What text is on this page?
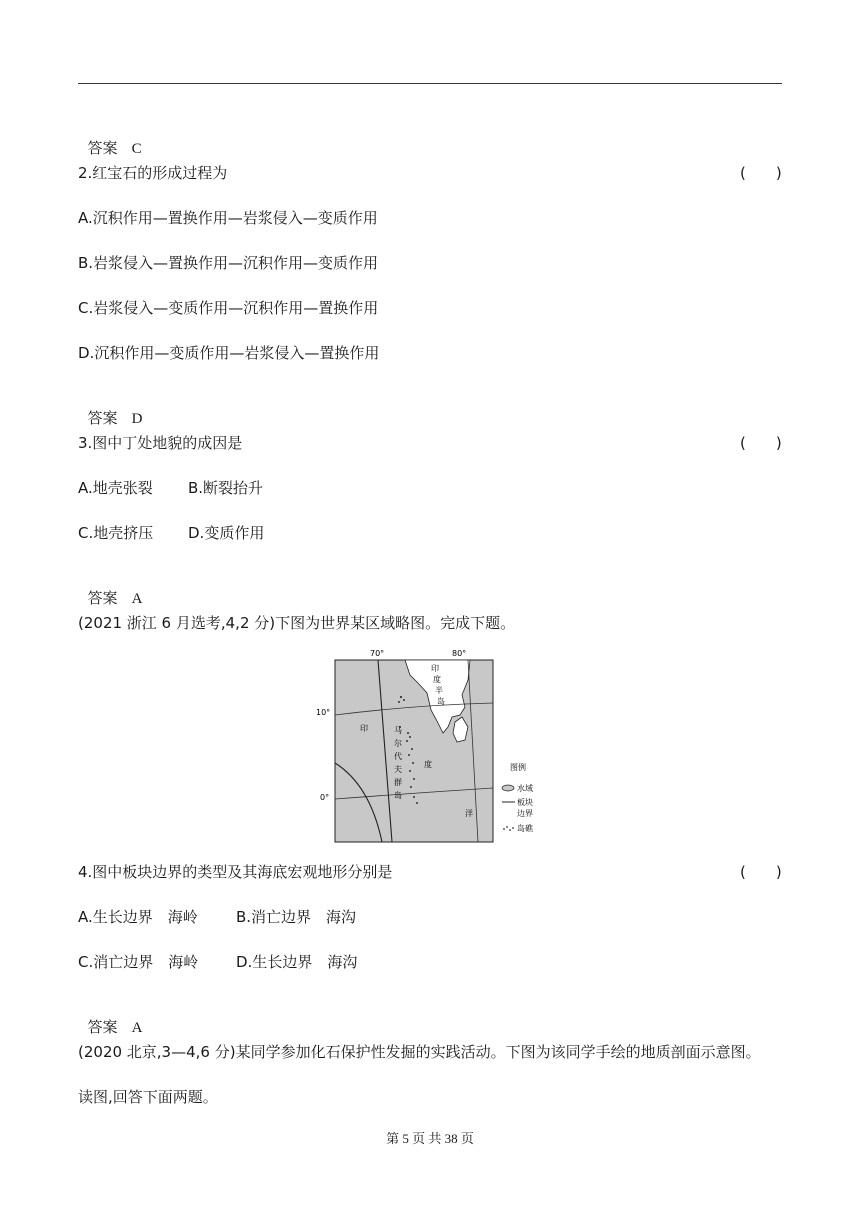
答案 C

2.红宝石的形成过程为	(　　)
A.沉积作用—置换作用—岩浆侵入—变质作用
B.岩浆侵入—置换作用—沉积作用—变质作用
C.岩浆侵入—变质作用—沉积作用—置换作用
D.沉积作用—变质作用—岩浆侵入—置换作用

答案 D

3.图中丁处地貌的成因是	(　　)
A.地壳张裂 B.断裂抬升
C.地壳挤压 D.变质作用

答案 A

(2021 浙江 6 月选考,4,2 分)下图为世界某区域略图。完成下题。
70°	80°
10°
0°
印
度
半
岛
印
度
洋
马
尔
代
夫
群
岛
图例
水域
板块 边界
岛礁
4.图中板块边界的类型及其海底宏观地形分别是	(　　)
A.生长边界　海岭	B.消亡边界　海沟
C.消亡边界　海岭	D.生长边界　海沟

答案 A

(2020 北京,3—4,6 分)某同学参加化石保护性发掘的实践活动。下图为该同学手绘的地质剖面示意图。
读图,回答下面两题。
第 5 页 共 38 页
